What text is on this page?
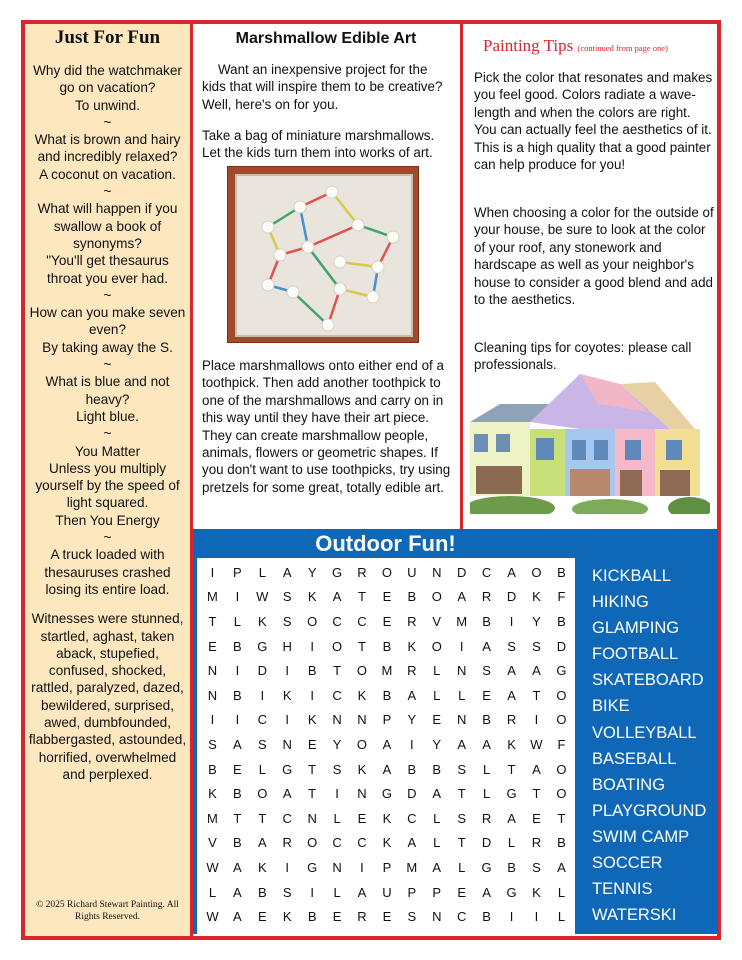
Just For Fun

Why did the watchmaker go on vacation?

To unwind.

~

What is brown and hairy and incredibly relaxed?

A coconut on vacation.

~

What will happen if you swallow a book of synonyms?

"You'll get thesaurus throat you ever had.

~

How can you make seven even?

By taking away the S.

~

What is blue and not heavy?

Light blue.

~

You Matter

Unless you multiply yourself by the speed of light squared.

Then You Energy

~

A truck loaded with thesauruses crashed losing its entire load.

Witnesses were stunned, startled, aghast, taken aback, stupefied, confused, shocked, rattled, paralyzed, dazed, bewildered, surprised, awed, dumbfounded, flabbergasted, astounded, horrified, overwhelmed and perplexed.

© 2025 Richard Stewart Painting. All Rights Reserved.
Marshmallow Edible Art
Want an inexpensive project for the kids that will inspire them to be creative? Well, here's on for you.
Take a bag of miniature marshmallows. Let the kids turn them into works of art.
Place marshmallows onto either end of a toothpick. Then add another toothpick to one of the marshmallows and carry on in this way until they have their art piece. They can create marshmallow people, animals, flowers or geometric shapes. If you don't want to use toothpicks, try using pretzels for some great, totally edible art.
Painting Tips (continued from page one)
Pick the color that resonates and makes you feel good. Colors radiate a wave-length and when the colors are right. You can actually feel the aesthetics of it. This is a high quality that a good painter can help produce for you!
When choosing a color for the outside of your house, be sure to look at the color of your roof, any stonework and hardscape as well as your neighbor's house to consider a good blend and add to the aesthetics.
Cleaning tips for coyotes: please call professionals.
Outdoor Fun!
I	P	L	A	Y	G	R	O	U	N	D	C	A	O	B
M	I	W	S	K	A	T	E	B	O	A	R	D	K	F
T	L	K	S	O	C	C	E	R	V	M	B	I	Y	B
E	B	G	H	I	O	T	B	K	O	I	A	S	S	D
N	I	D	I	B	T	O	M	R	L	N	S	A	A	G
N	B	I	K	I	C	K	B	A	L	L	E	A	T	O
I	I	C	I	K	N	N	P	Y	E	N	B	R	I	O
S	A	S	N	E	Y	O	A	I	Y	A	A	K	W	F
B	E	L	G	T	S	K	A	B	B	S	L	T	A	O
K	B	O	A	T	I	N	G	D	A	T	L	G	T	O
M	T	T	C	N	L	E	K	C	L	S	R	A	E	T
V	B	A	R	O	C	C	K	A	L	T	D	L	R	B
W	A	K	I	G	N	I	P	M	A	L	G	B	S	A
L	A	B	S	I	L	A	U	P	P	E	A	G	K	L
W	A	E	K	B	E	R	E	S	N	C	B	I	I	L
KICKBALL
HIKING
GLAMPING
FOOTBALL
SKATEBOARD
BIKE
VOLLEYBALL
BASEBALL
BOATING
PLAYGROUND
SWIM CAMP
SOCCER
TENNIS
WATERSKI
